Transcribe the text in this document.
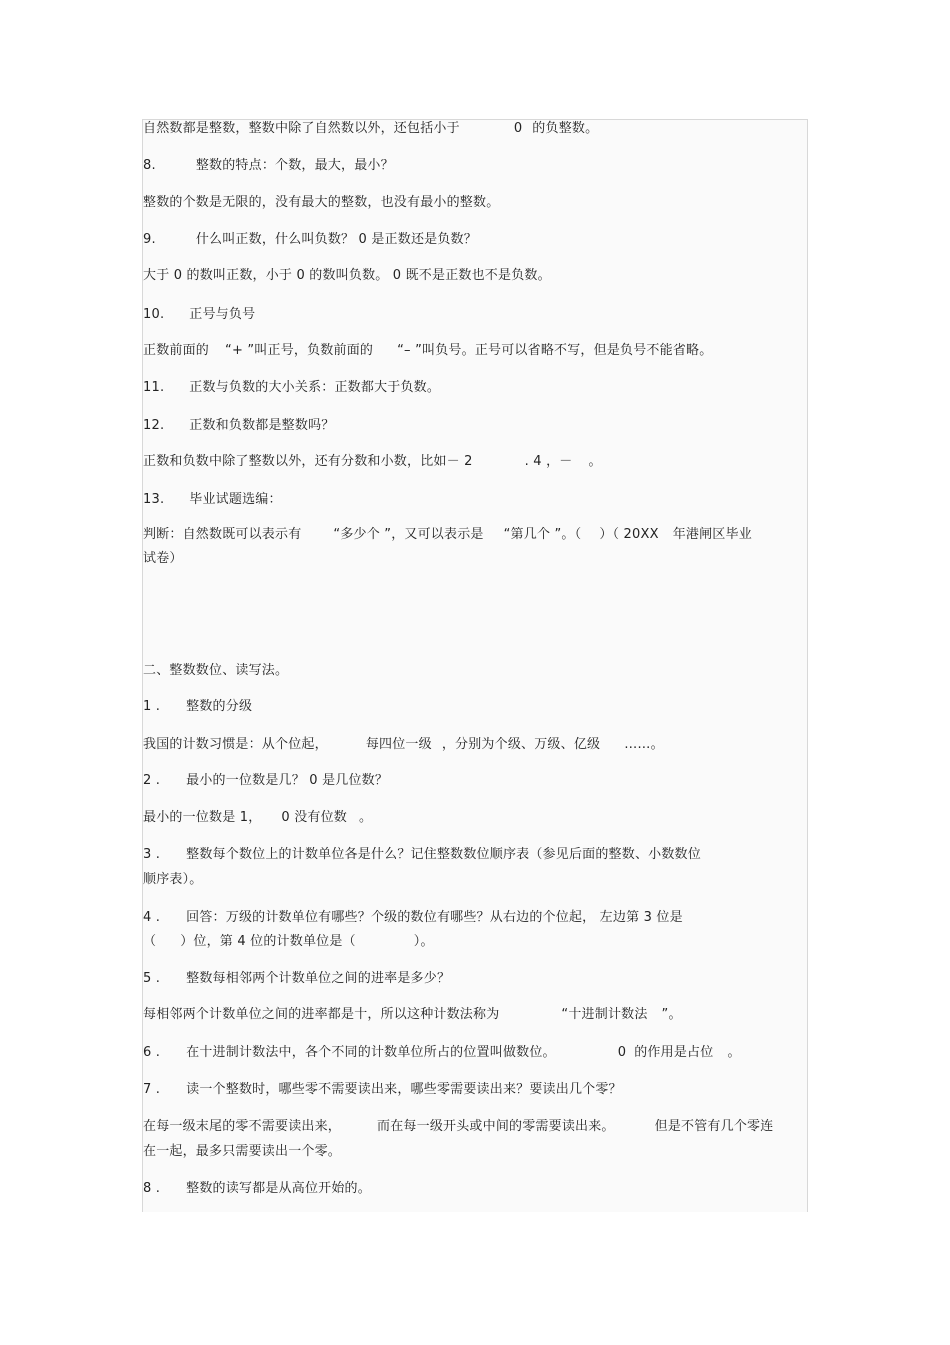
自然数都是整数，整数中除了自然数以外，还包括小于	0 的负整数。
8.	整数的特点：个数，最大，最小？
整数的个数是无限的，没有最大的整数，也没有最小的整数。
9.	什么叫正数，什么叫负数？ 0 是正数还是负数？
大于 0 的数叫正数，小于 0 的数叫负数。 0 既不是正数也不是负数。
10. 正号与负号
正数前面的 “+ ”叫正号，负数前面的 “– ”叫负号。正号可以省略不写，但是负号不能省略。
11. 正数与负数的大小关系：正数都大于负数。
12. 正数和负数都是整数吗？
正数和负数中除了整数以外，还有分数和小数，比如－ 2	. 4 ，－ 。
13. 毕业试题选编：
判断：自然数既可以表示有 “多少个 ”，又可以表示是 “第几个 ”。（ ）（ 20XX 年港闸区毕业
试卷）
二、整数数位、读写法。
1 . 整数的分级
我国的计数习惯是：从个位起，	每四位一级 ，分别为个级、万级、亿级 ……。
2 . 最小的一位数是几？ 0 是几位数？
最小的一位数是 1， 0 没有位数 。
3 . 整数每个数位上的计数单位各是什么？记住整数数位顺序表（参见后面的整数、小数数位
顺序表）。
4 . 回答：万级的计数单位有哪些？个级的数位有哪些？从右边的个位起， 左边第 3 位是
（ ）位，第 4 位的计数单位是（	）。
5 . 整数每相邻两个计数单位之间的进率是多少？
每相邻两个计数单位之间的进率都是十，所以这种计数法称为	“十进制计数法 ”。
6 . 在十进制计数法中，各个不同的计数单位所占的位置叫做数位。	0 的作用是占位 。
7 . 读一个整数时，哪些零不需要读出来，哪些零需要读出来？要读出几个零？
在每一级末尾的零不需要读出来，	而在每一级开头或中间的零需要读出来。	但是不管有几个零连
在一起，最多只需要读出一个零。
8 . 整数的读写都是从高位开始的。
